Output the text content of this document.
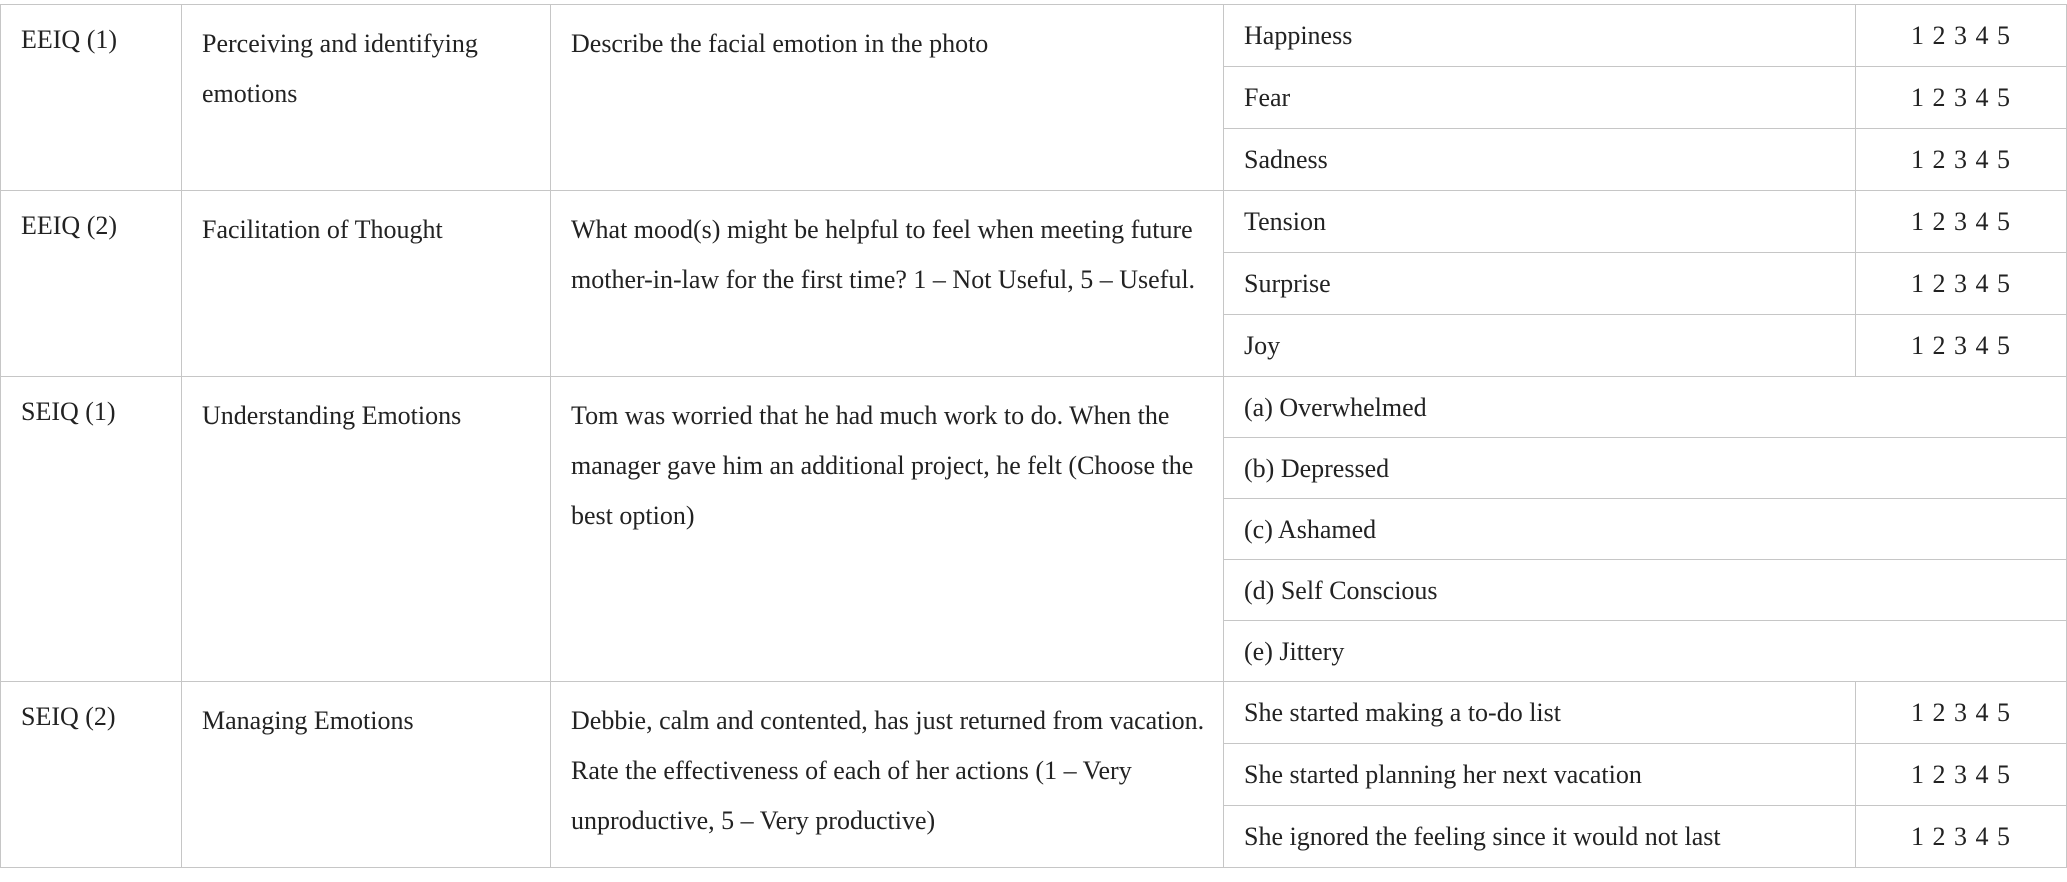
EEIQ (1)	Perceiving and identifying emotions	Describe the facial emotion in the photo	Happiness	1 2 3 4 5
			Fear	1 2 3 4 5
			Sadness	1 2 3 4 5
EEIQ (2)	Facilitation of Thought	What mood(s) might be helpful to feel when meeting future mother-in-law for the first time? 1 – Not Useful, 5 – Useful.	Tension	1 2 3 4 5
			Surprise	1 2 3 4 5
			Joy	1 2 3 4 5
SEIQ (1)	Understanding Emotions	Tom was worried that he had much work to do. When the manager gave him an additional project, he felt (Choose the best option)	(a) Overwhelmed	
			(b) Depressed	
			(c) Ashamed	
			(d) Self Conscious	
			(e) Jittery	
SEIQ (2)	Managing Emotions	Debbie, calm and contented, has just returned from vacation. Rate the effectiveness of each of her actions (1 – Very unproductive, 5 – Very productive)	She started making a to-do list	1 2 3 4 5
			She started planning her next vacation	1 2 3 4 5
			She ignored the feeling since it would not last	1 2 3 4 5
